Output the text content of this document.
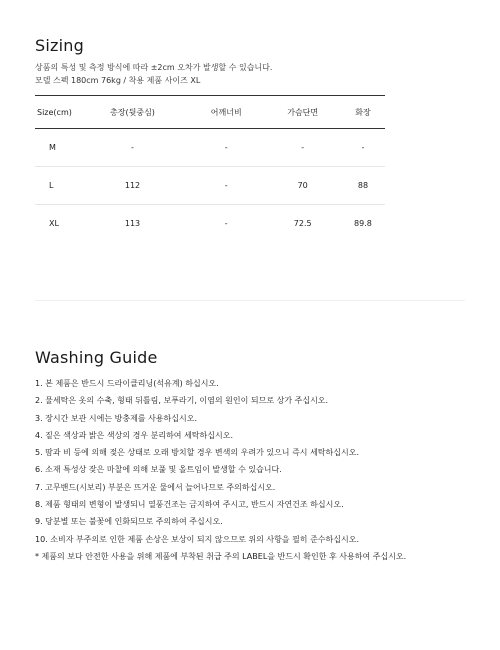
Sizing
상품의 특성 및 측정 방식에 따라 ±2cm 오차가 발생할 수 있습니다.
모델 스펙 180cm 76kg / 착용 제품 사이즈 XL
Size(cm)	총장(뒷중심)	어깨너비	가슴단면	화장
M	-	-	-	-
L	112	-	70	88
XL	113	-	72.5	89.8
Washing Guide
1. 본 제품은 반드시 드라이클리닝(석유계) 하십시오.
2. 물세탁은 옷의 수축, 형태 뒤틀림, 보푸라기, 이염의 원인이 되므로 상가 주십시오.
3. 장시간 보관 시에는 방충제를 사용하십시오.
4. 짙은 색상과 밝은 색상의 경우 분리하여 세탁하십시오.
5. 땀과 비 등에 의해 젖은 상태로 오래 방치할 경우 변색의 우려가 있으니 즉시 세탁하십시오.
6. 소재 특성상 잦은 마찰에 의해 보풀 및 올트임이 발생할 수 있습니다.
7. 고무밴드(시보리) 부분은 뜨거운 물에서 늘어나므로 주의하십시오.
8. 제품 형태의 변형이 발생되니 열풍건조는 금지하여 주시고, 반드시 자연건조 하십시오.
9. 당분별 또는 불꽃에 인화되므로 주의하여 주십시오.
10. 소비자 부주의로 인한 제품 손상은 보상이 되지 않으므로 위의 사항을 필히 준수하십시오.
* 제품의 보다 안전한 사용을 위해 제품에 부착된 취급 주의 LABEL을 반드시 확인한 후 사용하여 주십시오.
